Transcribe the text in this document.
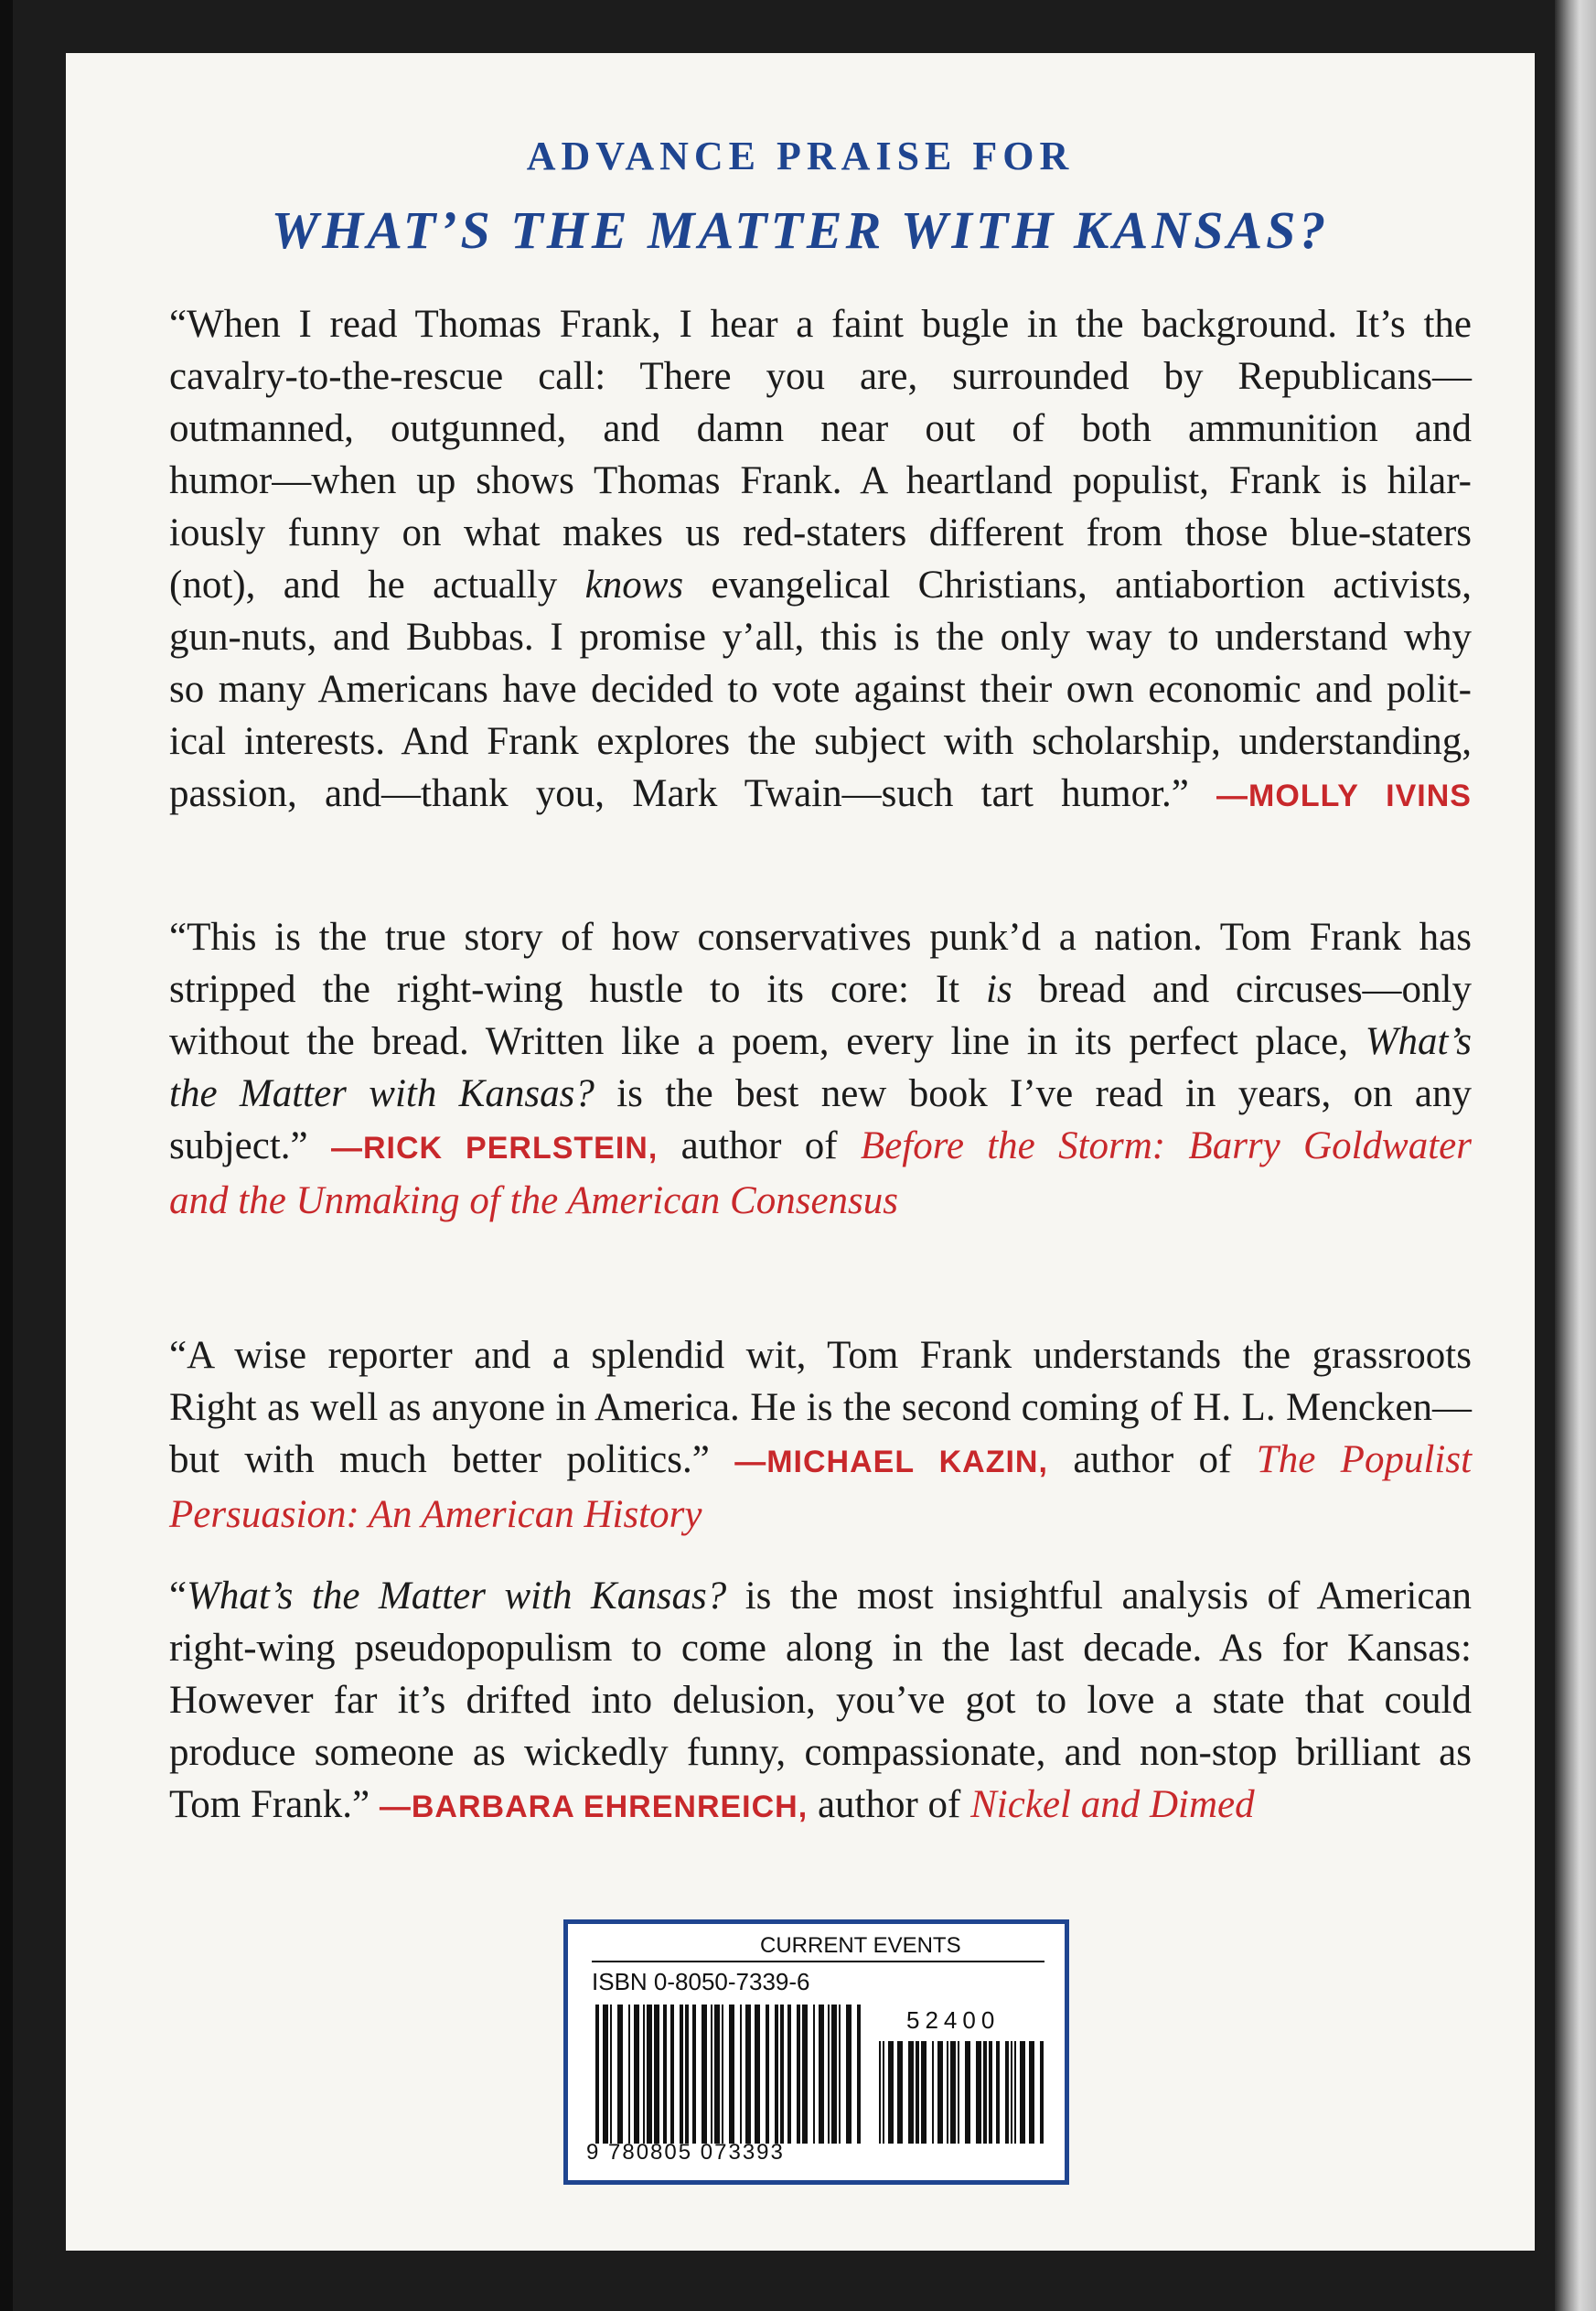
ADVANCE PRAISE FOR
WHAT’S THE MATTER WITH KANSAS?
“When I read Thomas Frank, I hear a faint bugle in the background. It’s the
cavalry-to-the-rescue call: There you are, surrounded by Republicans—
outmanned, outgunned, and damn near out of both ammunition and
humor—when up shows Thomas Frank. A heartland populist, Frank is hilar-
iously funny on what makes us red-staters different from those blue-staters
(not), and he actually knows evangelical Christians, antiabortion activists,
gun-nuts, and Bubbas. I promise y’all, this is the only way to understand why
so many Americans have decided to vote against their own economic and polit-
ical interests. And Frank explores the subject with scholarship, understanding,
passion, and—thank you, Mark Twain—such tart humor.” —MOLLY IVINS
“This is the true story of how conservatives punk’d a nation. Tom Frank has
stripped the right-wing hustle to its core: It is bread and circuses—only
without the bread. Written like a poem, every line in its perfect place, What’s
the Matter with Kansas? is the best new book I’ve read in years, on any
subject.” —RICK PERLSTEIN, author of Before the Storm: Barry Goldwater
and the Unmaking of the American Consensus
“A wise reporter and a splendid wit, Tom Frank understands the grassroots
Right as well as anyone in America. He is the second coming of H. L. Mencken—
but with much better politics.” —MICHAEL KAZIN, author of The Populist
Persuasion: An American History
“What’s the Matter with Kansas? is the most insightful analysis of American
right-wing pseudopopulism to come along in the last decade. As for Kansas:
However far it’s drifted into delusion, you’ve got to love a state that could
produce someone as wickedly funny, compassionate, and non-stop brilliant as
Tom Frank.” —BARBARA EHRENREICH, author of Nickel and Dimed
CURRENT EVENTS
ISBN 0-8050-7339-6
52400
9 780805 073393
